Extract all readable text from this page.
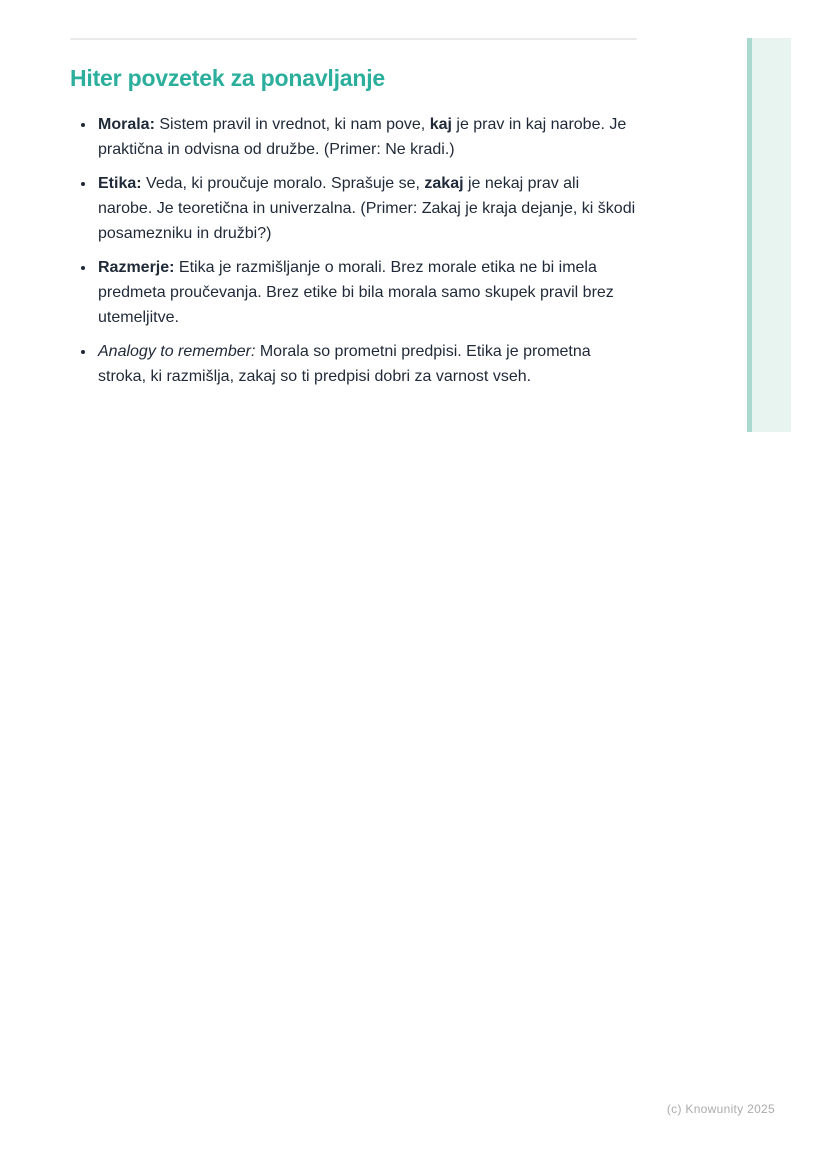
Hiter povzetek za ponavljanje
• Morala: Sistem pravil in vrednot, ki nam pove, kaj je prav in kaj narobe. Je praktična in odvisna od družbe. (Primer: Ne kradi.)
• Etika: Veda, ki proučuje moralo. Sprašuje se, zakaj je nekaj prav ali narobe. Je teoretična in univerzalna. (Primer: Zakaj je kraja dejanje, ki škodi posamezniku in družbi?)
• Razmerje: Etika je razmišljanje o morali. Brez morale etika ne bi imela predmeta proučevanja. Brez etike bi bila morala samo skupek pravil brez utemeljitve.
• Analogy to remember: Morala so prometni predpisi. Etika je prometna stroka, ki razmišlja, zakaj so ti predpisi dobri za varnost vseh.
(c) Knowunity 2025
